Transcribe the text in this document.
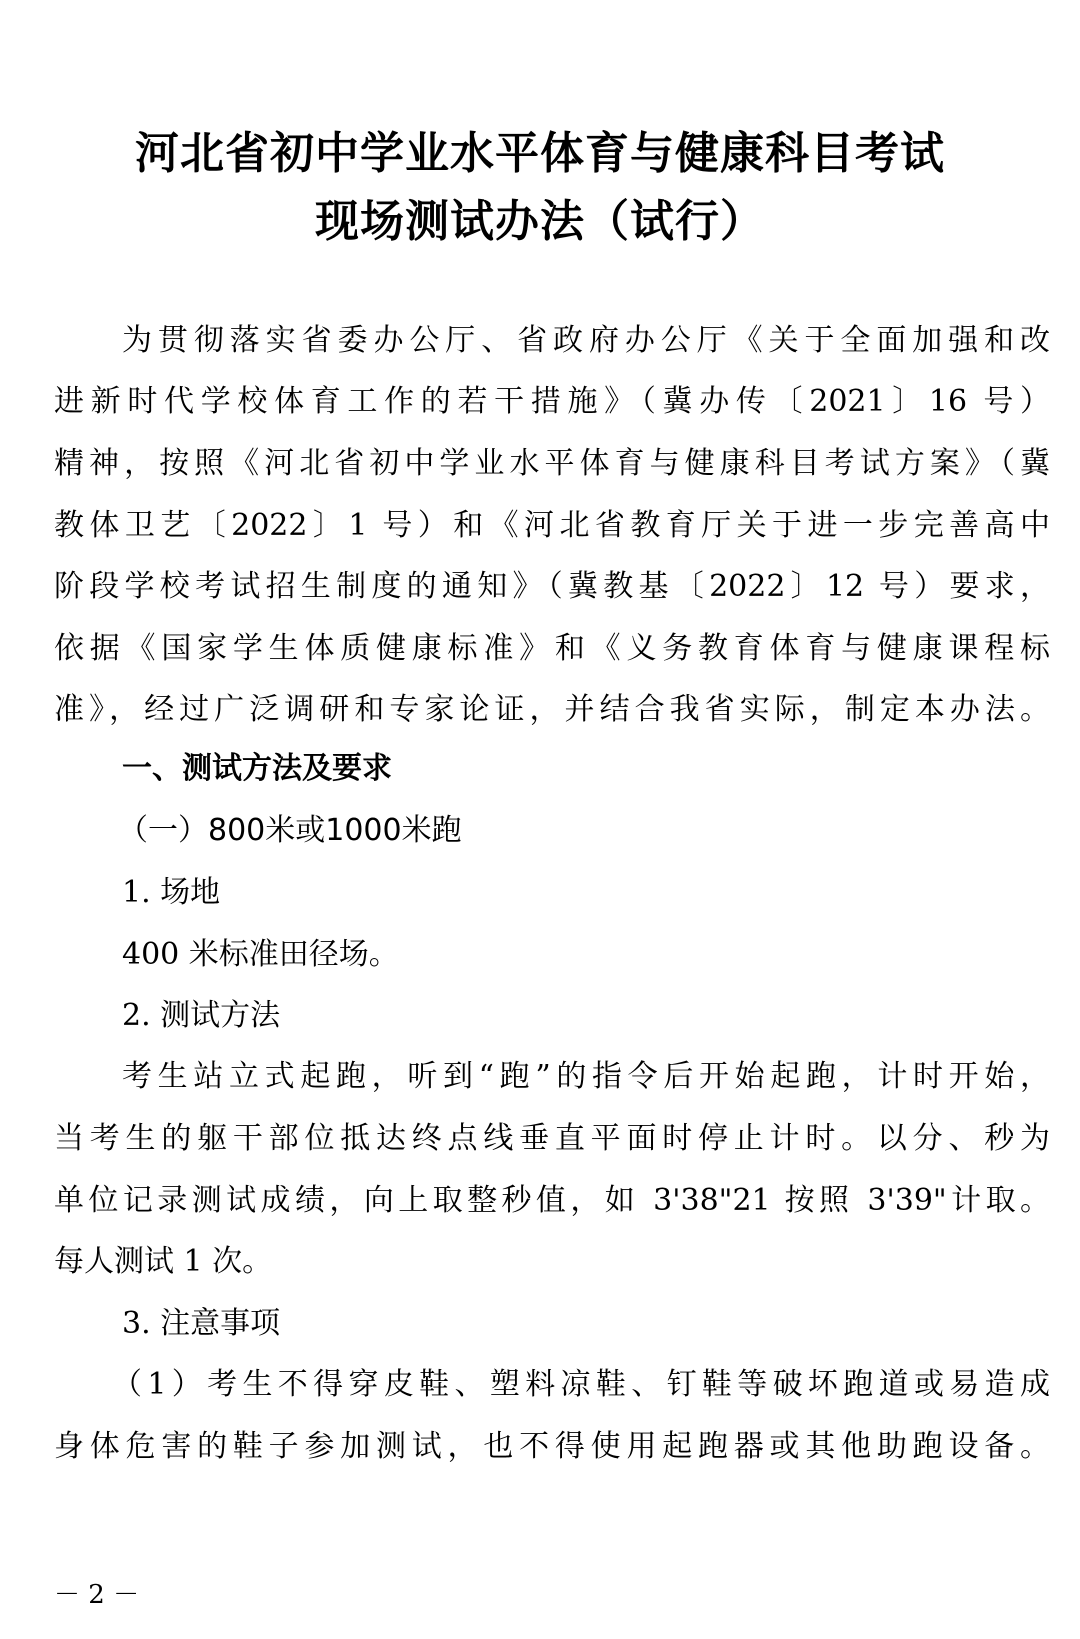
河北省初中学业水平体育与健康科目考试
现场测试办法（试行）
为贯彻落实省委办公厅、省政府办公厅《关于全面加强和改
进新时代学校体育工作的若干措施》（冀办传〔2021〕16 号）
精神，按照《河北省初中学业水平体育与健康科目考试方案》（冀
教体卫艺〔2022〕1 号）和《河北省教育厅关于进一步完善高中
阶段学校考试招生制度的通知》（冀教基〔2022〕12 号）要求，
依据《国家学生体质健康标准》和《义务教育体育与健康课程标
准》，经过广泛调研和专家论证，并结合我省实际，制定本办法。
一、测试方法及要求
（一）800米或1000米跑
1. 场地
400 米标准田径场。
2. 测试方法
考生站立式起跑，听到“跑”的指令后开始起跑，计时开始，
当考生的躯干部位抵达终点线垂直平面时停止计时。以分、秒为
单位记录测试成绩，向上取整秒值，如 3'38"21 按照 3'39"计取。
每人测试 1 次。
3. 注意事项
（1）考生不得穿皮鞋、塑料凉鞋、钉鞋等破坏跑道或易造成
身体危害的鞋子参加测试，也不得使用起跑器或其他助跑设备。
－ 2 －
